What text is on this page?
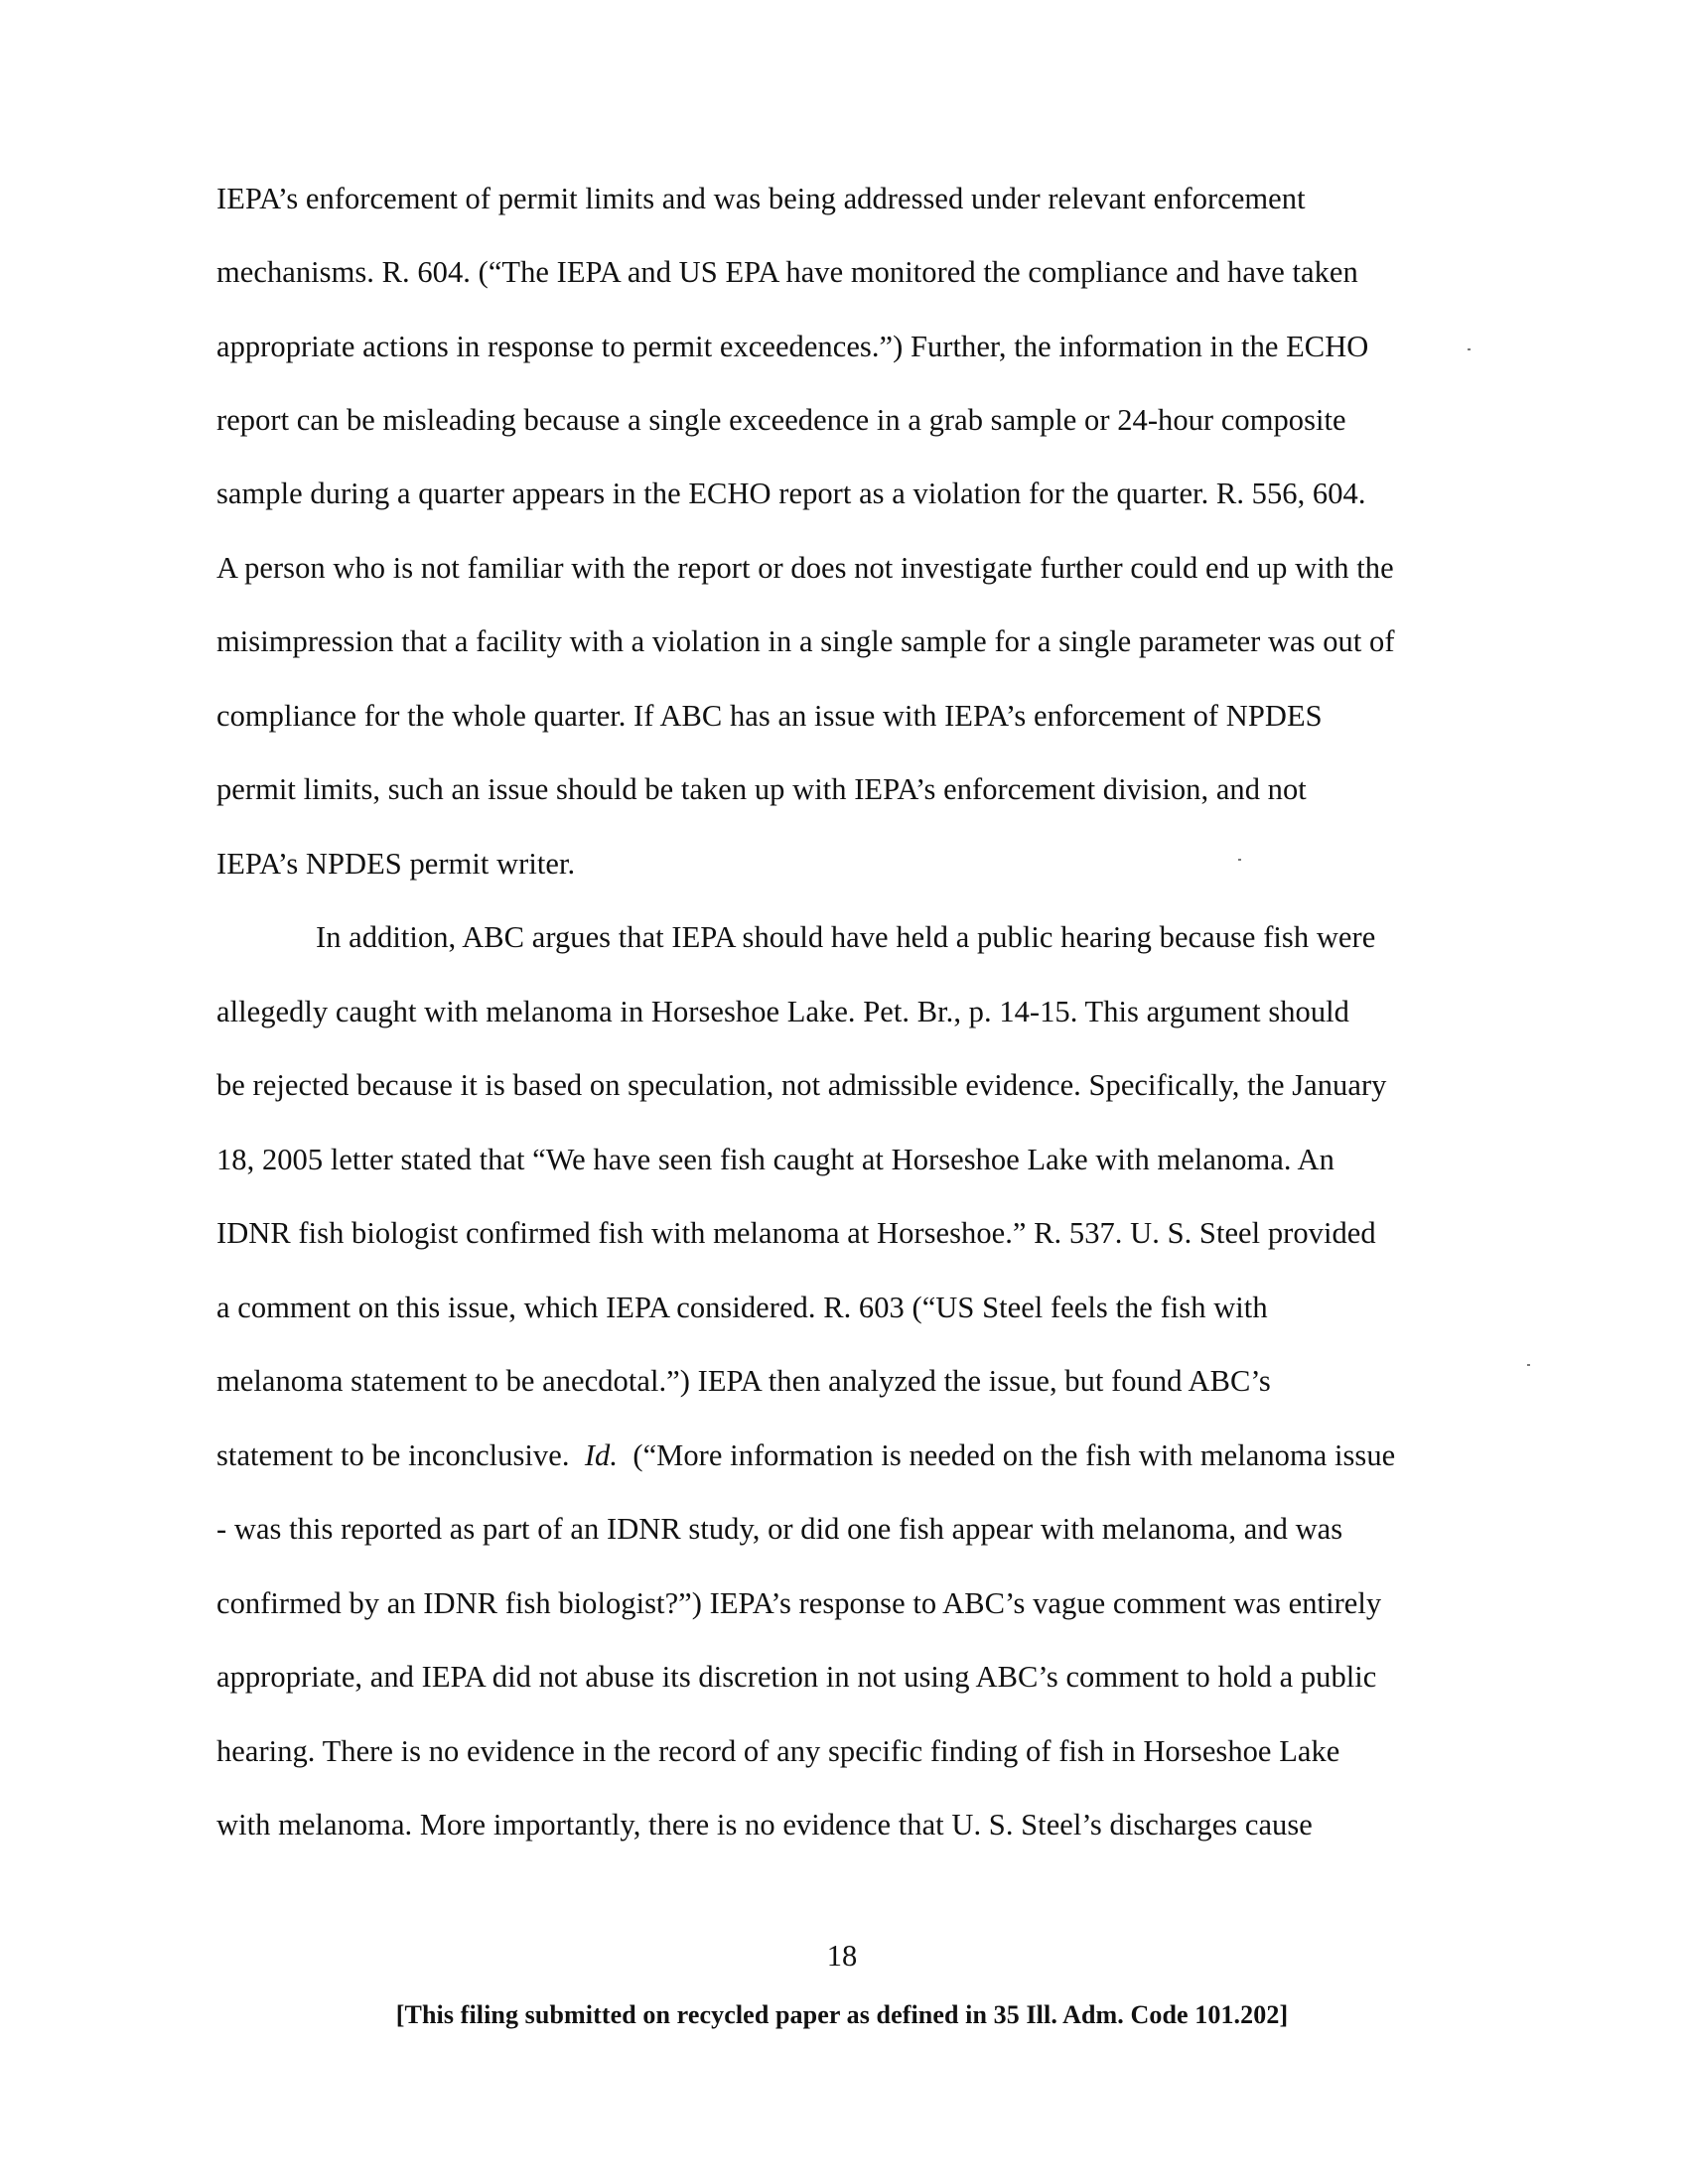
IEPA’s enforcement of permit limits and was being addressed under relevant enforcement
mechanisms. R. 604. (“The IEPA and US EPA have monitored the compliance and have taken
appropriate actions in response to permit exceedences.”) Further, the information in the ECHO
report can be misleading because a single exceedence in a grab sample or 24-hour composite
sample during a quarter appears in the ECHO report as a violation for the quarter. R. 556, 604.
A person who is not familiar with the report or does not investigate further could end up with the
misimpression that a facility with a violation in a single sample for a single parameter was out of
compliance for the whole quarter. If ABC has an issue with IEPA’s enforcement of NPDES
permit limits, such an issue should be taken up with IEPA’s enforcement division, and not
IEPA’s NPDES permit writer.
In addition, ABC argues that IEPA should have held a public hearing because fish were
allegedly caught with melanoma in Horseshoe Lake. Pet. Br., p. 14-15. This argument should
be rejected because it is based on speculation, not admissible evidence. Specifically, the January
18, 2005 letter stated that “We have seen fish caught at Horseshoe Lake with melanoma. An
IDNR fish biologist confirmed fish with melanoma at Horseshoe.” R. 537. U. S. Steel provided
a comment on this issue, which IEPA considered. R. 603 (“US Steel feels the fish with
melanoma statement to be anecdotal.”) IEPA then analyzed the issue, but found ABC’s
statement to be inconclusive.  Id.  (“More information is needed on the fish with melanoma issue
- was this reported as part of an IDNR study, or did one fish appear with melanoma, and was
confirmed by an IDNR fish biologist?”) IEPA’s response to ABC’s vague comment was entirely
appropriate, and IEPA did not abuse its discretion in not using ABC’s comment to hold a public
hearing. There is no evidence in the record of any specific finding of fish in Horseshoe Lake
with melanoma. More importantly, there is no evidence that U. S. Steel’s discharges cause
18
[This filing submitted on recycled paper as defined in 35 Ill. Adm. Code 101.202]
